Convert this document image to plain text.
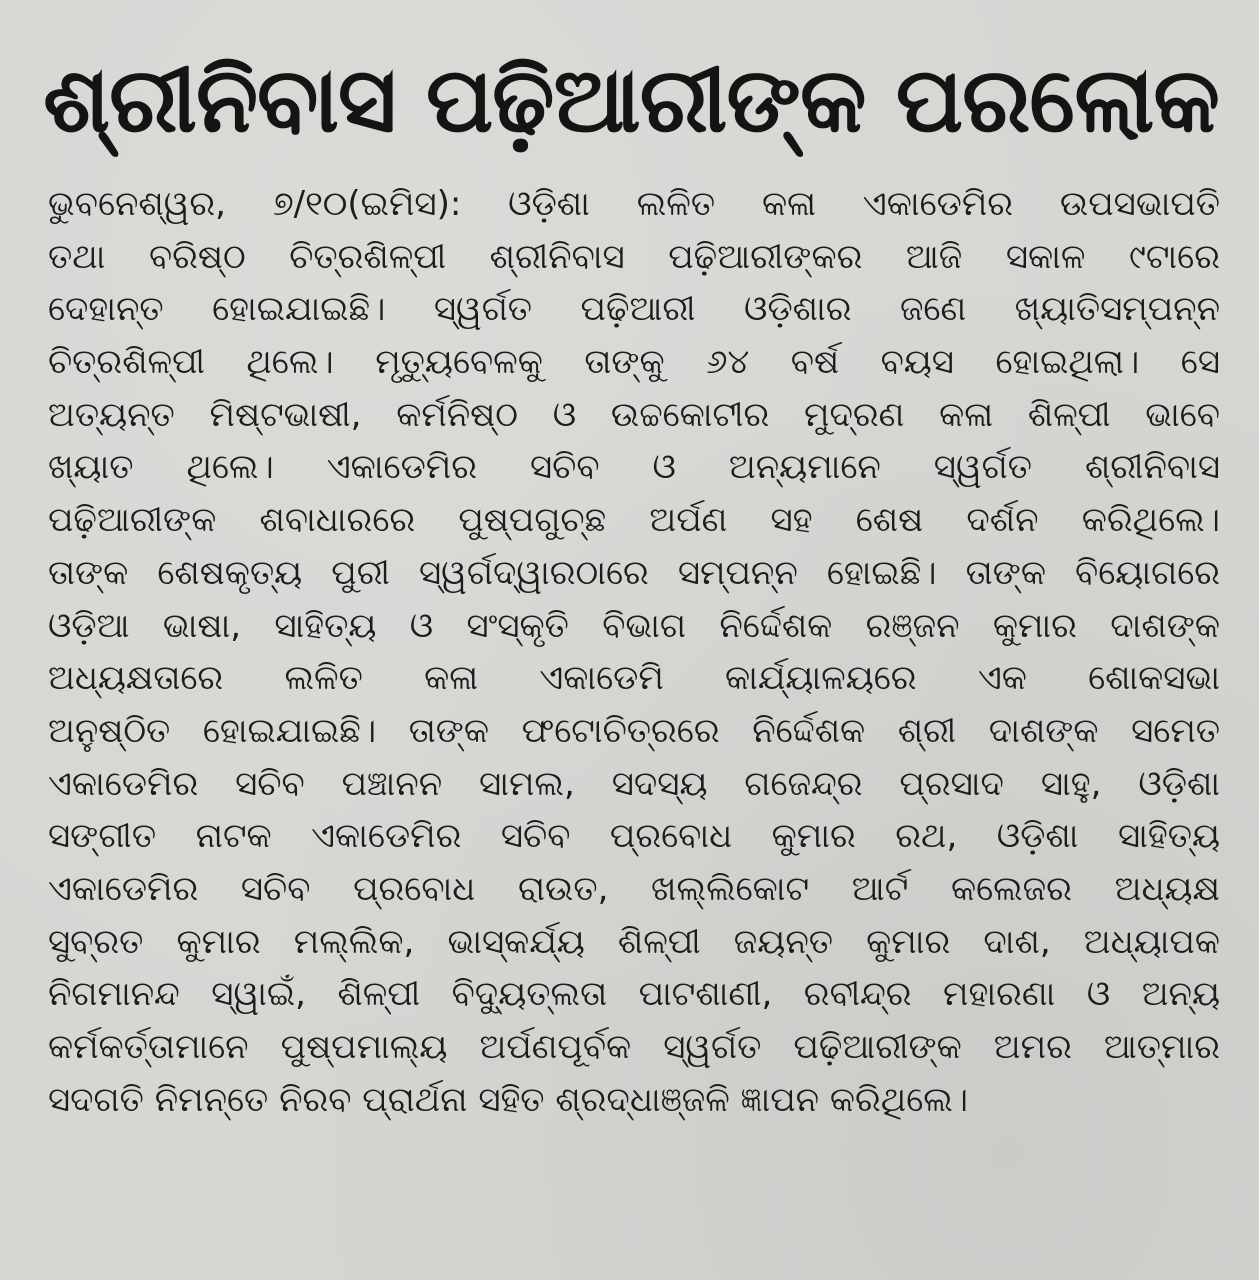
ଶ୍ରୀନିବାସ ପଢ଼ିଆରୀଙ୍କ ପରଲୋକ
ଭୁବନେଶ୍ୱର, ୭/୧୦(ଇମିସ): ଓଡ଼ିଶା ଲଳିତ କଳା ଏକାଡେମିର ଉପସଭାପତି
ତଥା ବରିଷ୍ଠ ଚିତ୍ରଶିଳ୍ପୀ ଶ୍ରୀନିବାସ ପଢ଼ିଆରୀଙ୍କର ଆଜି ସକାଳ ୯ଟାରେ
ଦେହାନ୍ତ ହୋଇଯାଇଛି। ସ୍ୱର୍ଗତ ପଢ଼ିଆରୀ ଓଡ଼ିଶାର ଜଣେ ଖ୍ୟାତିସମ୍ପନ୍ନ
ଚିତ୍ରଶିଳ୍ପୀ ଥିଲେ। ମୃତ୍ୟୁବେଳକୁ ତାଙ୍କୁ ୬୪ ବର୍ଷ ବୟସ ହୋଇଥିଲା। ସେ
ଅତ୍ୟନ୍ତ ମିଷ୍ଟଭାଷୀ, କର୍ମନିଷ୍ଠ ଓ ଉଚ୍ଚକୋଟୀର ମୁଦ୍ରଣ କଳା ଶିଳ୍ପୀ ଭାବେ
ଖ୍ୟାତ ଥିଲେ। ଏକାଡେମିର ସଚିବ ଓ ଅନ୍ୟମାନେ ସ୍ୱର୍ଗତ ଶ୍ରୀନିବାସ
ପଢ଼ିଆରୀଙ୍କ ଶବାଧାରରେ ପୁଷ୍ପଗୁଚ୍ଛ ଅର୍ପଣ ସହ ଶେଷ ଦର୍ଶନ କରିଥିଲେ।
ତାଙ୍କ ଶେଷକୃତ୍ୟ ପୁରୀ ସ୍ୱର୍ଗଦ୍ୱାରଠାରେ ସମ୍ପନ୍ନ ହୋଇଛି। ତାଙ୍କ ବିୟୋଗରେ
ଓଡ଼ିଆ ଭାଷା, ସାହିତ୍ୟ ଓ ସଂସ୍କୃତି ବିଭାଗ ନିର୍ଦ୍ଦେଶକ ରଞ୍ଜନ କୁମାର ଦାଶଙ୍କ
ଅଧ୍ୟକ୍ଷତାରେ ଲଳିତ କଳା ଏକାଡେମି କାର୍ଯ୍ୟାଳୟରେ ଏକ ଶୋକସଭା
ଅନୁଷ୍ଠିତ ହୋଇଯାଇଛି। ତାଙ୍କ ଫଟୋଚିତ୍ରରେ ନିର୍ଦ୍ଦେଶକ ଶ୍ରୀ ଦାଶଙ୍କ ସମେତ
ଏକାଡେମିର ସଚିବ ପଞ୍ଚାନନ ସାମଲ, ସଦସ୍ୟ ଗଜେନ୍ଦ୍ର ପ୍ରସାଦ ସାହୁ, ଓଡ଼ିଶା
ସଙ୍ଗୀତ ନାଟକ ଏକାଡେମିର ସଚିବ ପ୍ରବୋଧ କୁମାର ରଥ, ଓଡ଼ିଶା ସାହିତ୍ୟ
ଏକାଡେମିର ସଚିବ ପ୍ରବୋଧ ରାଉତ, ଖଲ୍ଲିକୋଟ ଆର୍ଟ କଲେଜର ଅଧ୍ୟକ୍ଷ
ସୁବ୍ରତ କୁମାର ମଲ୍ଲିକ, ଭାସ୍କର୍ଯ୍ୟ ଶିଳ୍ପୀ ଜୟନ୍ତ କୁମାର ଦାଶ, ଅଧ୍ୟାପକ
ନିଗମାନନ୍ଦ ସ୍ୱାଇଁ, ଶିଳ୍ପୀ ବିଦ୍ୟୁତ୍‌ଲତା ପାଟଶାଣୀ, ରବୀନ୍ଦ୍ର ମହାରଣା ଓ ଅନ୍ୟ
କର୍ମକର୍ତ୍ତାମାନେ ପୁଷ୍ପମାଲ୍ୟ ଅର୍ପଣପୂର୍ବକ ସ୍ୱର୍ଗତ ପଢ଼ିଆରୀଙ୍କ ଅମର ଆତ୍ମାର
ସଦଗତି ନିମନ୍ତେ ନିରବ ପ୍ରାର୍ଥନା ସହିତ ଶ୍ରଦ୍ଧାଞ୍ଜଳି ଜ୍ଞାପନ କରିଥିଲେ।
